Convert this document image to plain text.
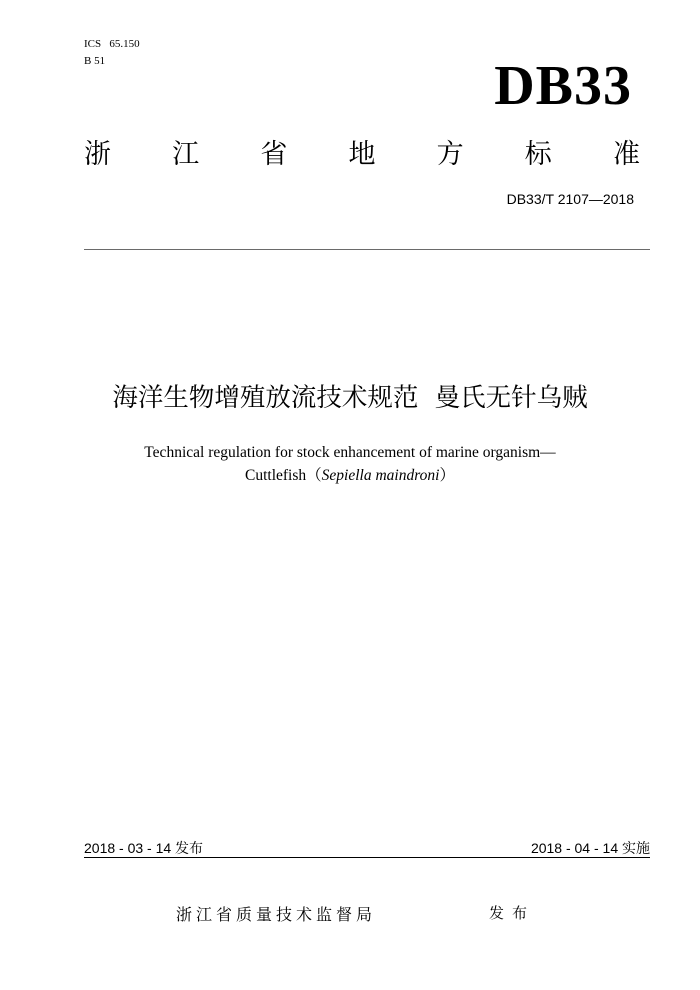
ICS   65.150
B 51	DB33
浙 江 省 地 方 标 准
DB33/T 2107—2018
海洋生物增殖放流技术规范  曼氏无针乌贼
Technical regulation for stock enhancement of marine organism—
Cuttlefish（Sepiella maindroni）
2018 - 03 - 14 发布	2018 - 04 - 14 实施
浙江省质量技术监督局	发布
